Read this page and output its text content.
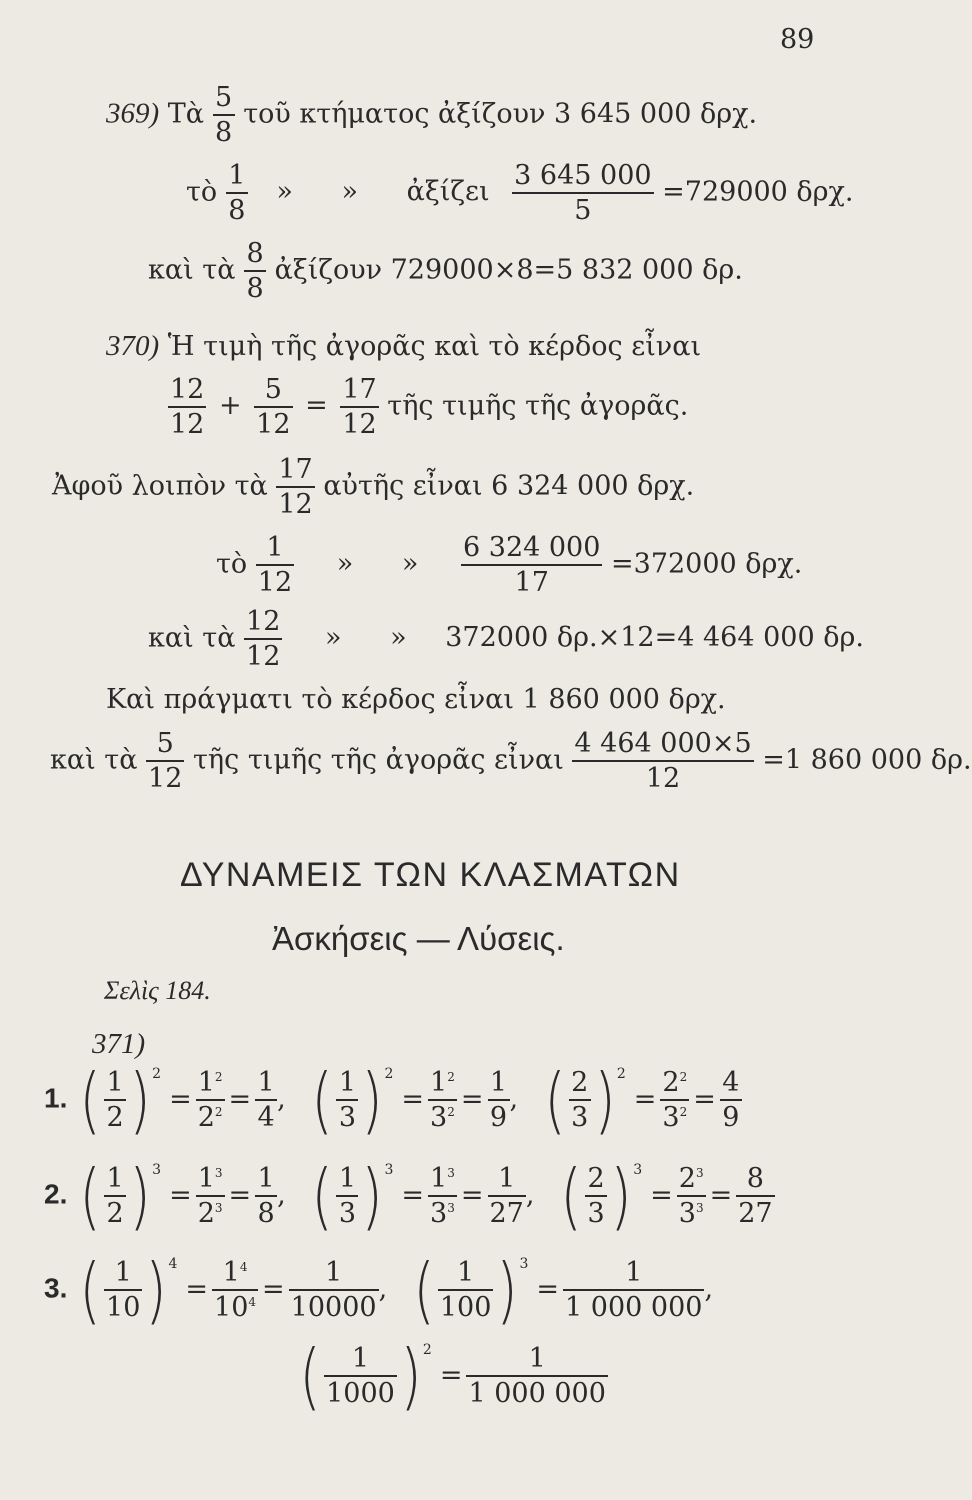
89
369) Τὰ $\frac{5}{8}$ τοῦ κτήματος ἀξίζουν 3 645 000 δρχ.
τὸ $\frac{1}{8}$ » » ἀξίζει $\frac{3 645 000}{5} =729000$ δρχ.
καὶ τὰ $\frac{8}{8}$ ἀξίζουν 729000×8=5 832 000 δρ.
370) Ἡ τιμὴ τῆς ἀγορᾶς καὶ τὸ κέρδος εἶναι
$\frac{12}{12} + \frac{5}{12} = \frac{17}{12}$ τῆς τιμῆς τῆς ἀγορᾶς.
Ἀφοῦ λοιπὸν τὰ $\frac{17}{12}$ αὐτῆς εἶναι 6 324 000 δρχ.
τὸ $\frac{1}{12}$ » » $\frac{6 324 000}{17} =372000$ δρχ.
καὶ τὰ $\frac{12}{12}$ » » 372000 δρ.×12=4 464 000 δρ.
Καὶ πράγματι τὸ κέρδος εἶναι 1 860 000 δρχ.
καὶ τὰ $\frac{5}{12}$ τῆς τιμῆς τῆς ἀγορᾶς εἶναι $\frac{4 464 000\times 5}{12} =1$ 860 000 δρ.
ΔΥΝΑΜΕΙΣ ΤΩΝ ΚΛΑΣΜΑΤΩΝ
Ἀσκήσεις — Λύσεις.
Σελὶς 184.
371)
1. ( 1
2 ) 2
= $\frac{1^2}{2^2} = \frac{1}{4}$ , ( 1
3 ) 2
= $\frac{1^2}{3^2} = \frac{1}{9}$ , ( 2
3 ) 2
= $\frac{2^2}{3^2} = \frac{4}{9}$
2. ( 1
2 ) 3
= $\frac{1^3}{2^3} = \frac{1}{8}$ , ( 1
3 ) 3
= $\frac{1^3}{3^3} = \frac{1}{27}$ , ( 2
3 ) 3
= $\frac{2^3}{3^3} = \frac{8}{27}$
3. ( 1
10 ) 4
= $\frac{1^4}{10^4} = \frac{1}{10000}$ , ( 1
100 ) 3
= $\frac{1}{1 000 000}$ ,
( 1
1000 ) 2
= $\frac{1}{1 000 000}$
